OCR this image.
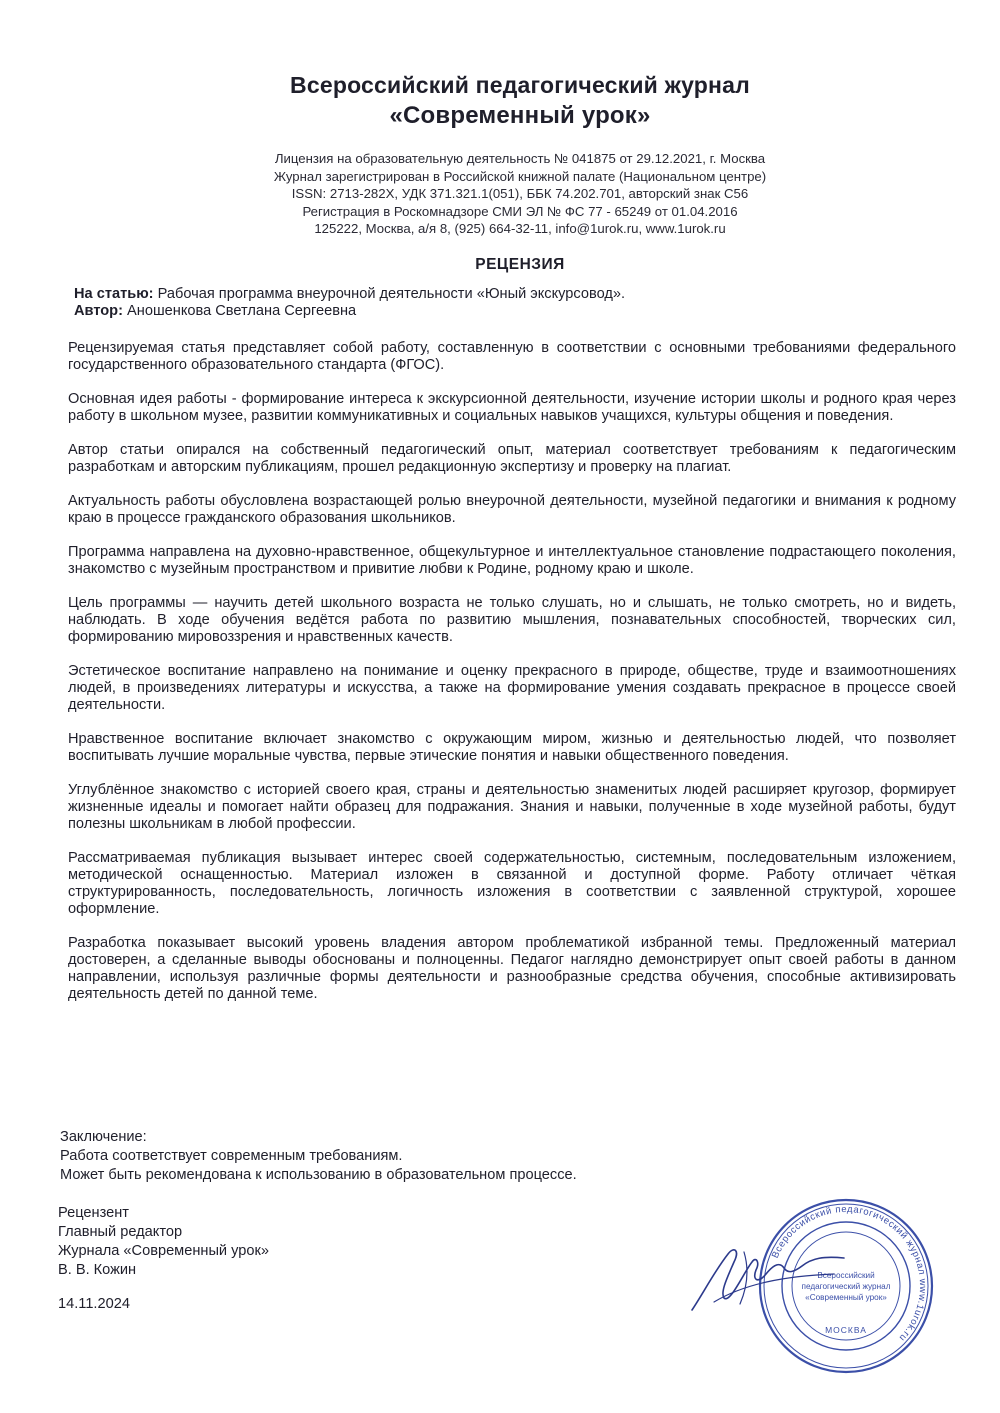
Всероссийский педагогический журнал
«Современный урок»
Лицензия на образовательную деятельность № 041875 от 29.12.2021, г. Москва
Журнал зарегистрирован в Российской книжной палате (Национальном центре)
ISSN: 2713-282X, УДК 371.321.1(051), ББК 74.202.701, авторский знак С56
Регистрация в Роскомнадзоре СМИ ЭЛ № ФС 77 - 65249 от 01.04.2016
125222, Москва, а/я 8, (925) 664-32-11, info@1urok.ru, www.1urok.ru
РЕЦЕНЗИЯ
На статью: Рабочая программа внеурочной деятельности «Юный экскурсовод».
Автор: Аношенкова Светлана Сергеевна

Рецензируемая статья представляет собой работу, составленную в соответствии с основными требованиями федерального государственного образовательного стандарта (ФГОС).

Основная идея работы - формирование интереса к экскурсионной деятельности, изучение истории школы и родного края через работу в школьном музее, развитии коммуникативных и социальных навыков учащихся, культуры общения и поведения.

Автор статьи опирался на собственный педагогический опыт, материал соответствует требованиям к педагогическим разработкам и авторским публикациям, прошел редакционную экспертизу и проверку на плагиат.

Актуальность работы обусловлена возрастающей ролью внеурочной деятельности, музейной педагогики и внимания к родному краю в процессе гражданского образования школьников.

Программа направлена на духовно-нравственное, общекультурное и интеллектуальное становление подрастающего поколения, знакомство с музейным пространством и привитие любви к Родине, родному краю и школе.

Цель программы — научить детей школьного возраста не только слушать, но и слышать, не только смотреть, но и видеть, наблюдать. В ходе обучения ведётся работа по развитию мышления, познавательных способностей, творческих сил, формированию мировоззрения и нравственных качеств.

Эстетическое воспитание направлено на понимание и оценку прекрасного в природе, обществе, труде и взаимоотношениях людей, в произведениях литературы и искусства, а также на формирование умения создавать прекрасное в процессе своей деятельности.

Нравственное воспитание включает знакомство с окружающим миром, жизнью и деятельностью людей, что позволяет воспитывать лучшие моральные чувства, первые этические понятия и навыки общественного поведения.

Углублённое знакомство с историей своего края, страны и деятельностью знаменитых людей расширяет кругозор, формирует жизненные идеалы и помогает найти образец для подражания. Знания и навыки, полученные в ходе музейной работы, будут полезны школьникам в любой профессии.

Рассматриваемая публикация вызывает интерес своей содержательностью, системным, последовательным изложением, методической оснащенностью. Материал изложен в связанной и доступной форме. Работу отличает чёткая структурированность, последовательность, логичность изложения в соответствии с заявленной структурой, хорошее оформление.

Разработка показывает высокий уровень владения автором проблематикой избранной темы. Предложенный материал достоверен, а сделанные выводы обоснованы и полноценны. Педагог наглядно демонстрирует опыт своей работы в данном направлении, используя различные формы деятельности и разнообразные средства обучения, способные активизировать деятельность детей по данной теме.

Заключение:
Работа соответствует современным требованиям.
Может быть рекомендована к использованию в образовательном процессе.
Рецензент
Главный редактор
Журнала «Современный урок»
В. В. Кожин
14.11.2024
Всероссийский педагогический журнал www.1urok.ru
Всероссийский
педагогический журнал
«Современный урок»
МОСКВА
